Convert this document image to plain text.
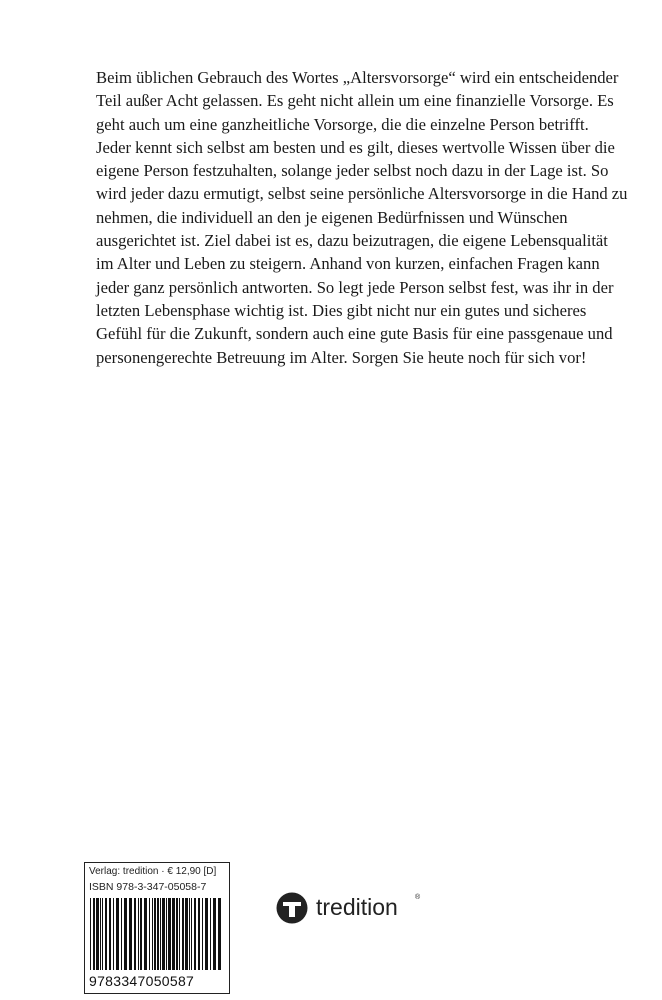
Beim üblichen Gebrauch des Wortes „Altersvorsorge“ wird ein entscheidender
Teil außer Acht gelassen. Es geht nicht allein um eine finanzielle Vorsorge. Es
geht auch um eine ganzheitliche Vorsorge, die die einzelne Person betrifft.
Jeder kennt sich selbst am besten und es gilt, dieses wertvolle Wissen über die
eigene Person festzuhalten, solange jeder selbst noch dazu in der Lage ist. So
wird jeder dazu ermutigt, selbst seine persönliche Altersvorsorge in die Hand zu
nehmen, die individuell an den je eigenen Bedürfnissen und Wünschen
ausgerichtet ist. Ziel dabei ist es, dazu beizutragen, die eigene Lebensqualität
im Alter und Leben zu steigern. Anhand von kurzen, einfachen Fragen kann
jeder ganz persönlich antworten. So legt jede Person selbst fest, was ihr in der
letzten Lebensphase wichtig ist. Dies gibt nicht nur ein gutes und sicheres
Gefühl für die Zukunft, sondern auch eine gute Basis für eine passgenaue und
personengerechte Betreuung im Alter. Sorgen Sie heute noch für sich vor!
Verlag: tredition · € 12,90 [D]
ISBN 978-3-347-05058-7
9783347050587
tredition ®
